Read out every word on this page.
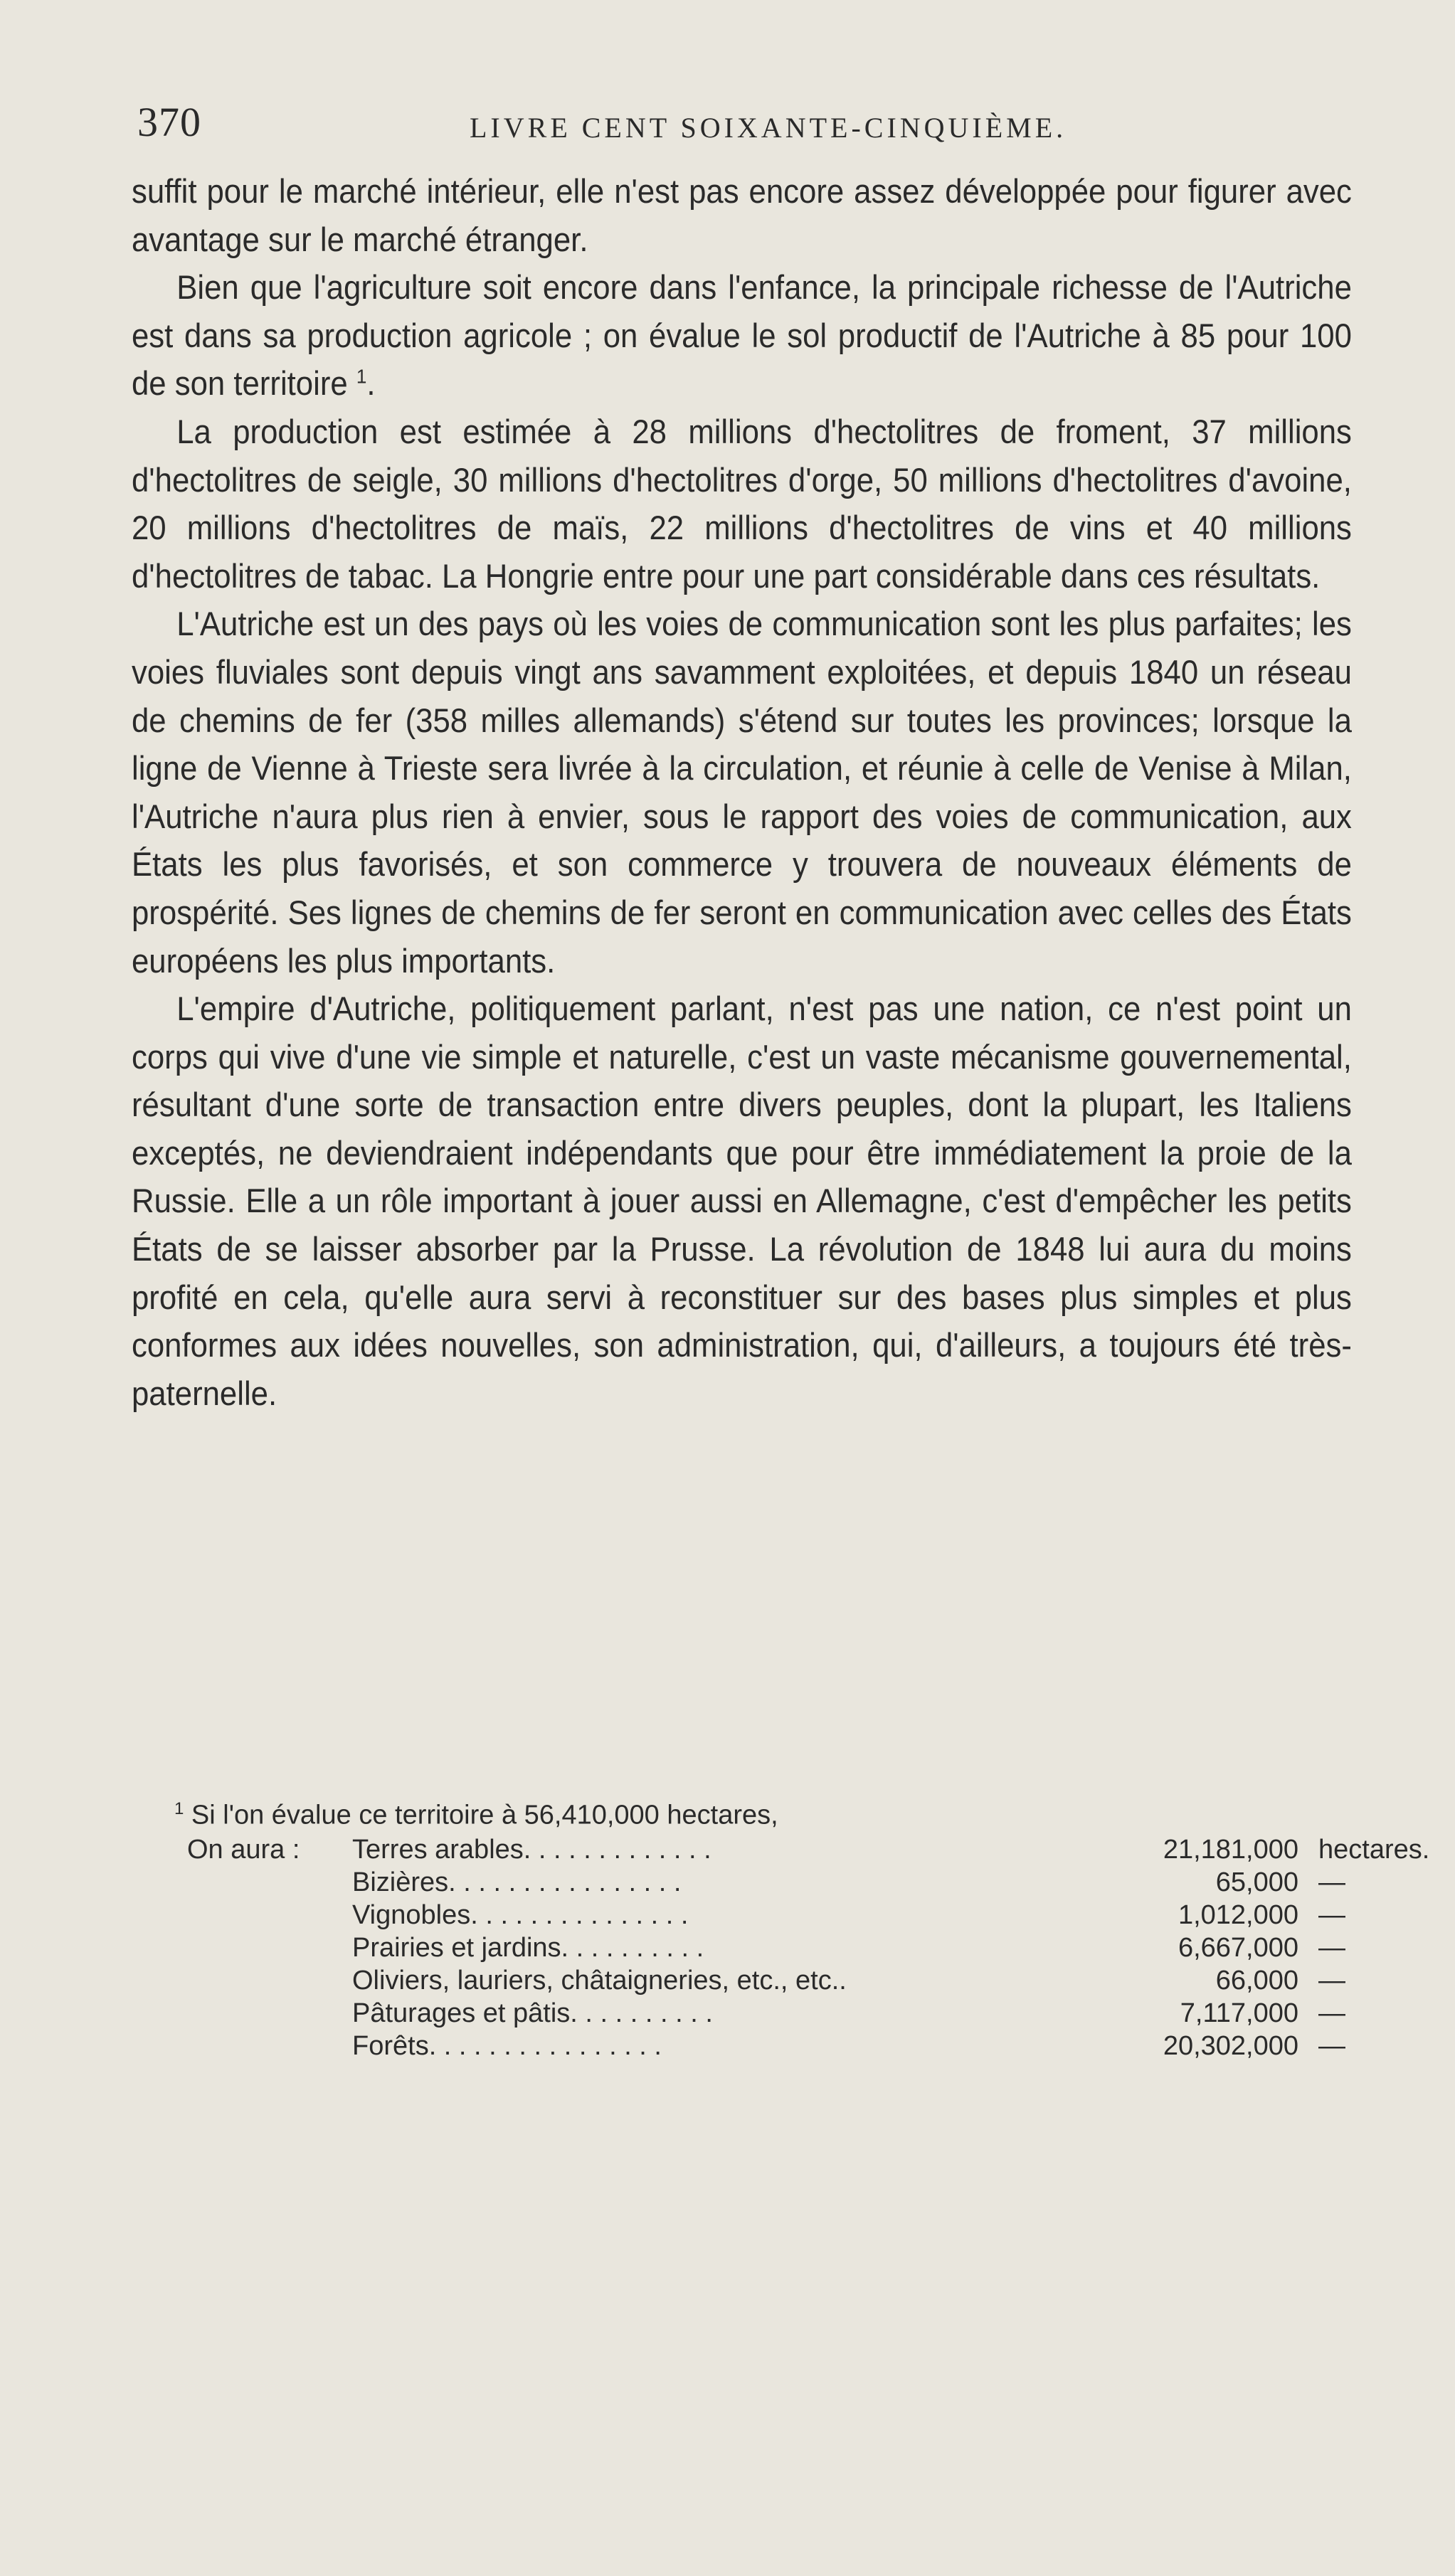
370	LIVRE CENT SOIXANTE-CINQUIÈME.

suffit pour le marché intérieur, elle n'est pas encore assez développée pour figurer avec avantage sur le marché étranger.

Bien que l'agriculture soit encore dans l'enfance, la principale richesse de l'Autriche est dans sa production agricole ; on évalue le sol productif de l'Autriche à 85 pour 100 de son territoire $^1$.

La production est estimée à 28 millions d'hectolitres de froment, 37 millions d'hectolitres de seigle, 30 millions d'hectolitres d'orge, 50 millions d'hectolitres d'avoine, 20 millions d'hectolitres de maïs, 22 millions d'hectolitres de vins et 40 millions d'hectolitres de tabac. La Hongrie entre pour une part considérable dans ces résultats.

L'Autriche est un des pays où les voies de communication sont les plus parfaites; les voies fluviales sont depuis vingt ans savamment exploitées, et depuis 1840 un réseau de chemins de fer (358 milles allemands) s'étend sur toutes les provinces; lorsque la ligne de Vienne à Trieste sera livrée à la circulation, et réunie à celle de Venise à Milan, l'Autriche n'aura plus rien à envier, sous le rapport des voies de communication, aux États les plus favorisés, et son commerce y trouvera de nouveaux éléments de prospérité. Ses lignes de chemins de fer seront en communication avec celles des États européens les plus importants.

L'empire d'Autriche, politiquement parlant, n'est pas une nation, ce n'est point un corps qui vive d'une vie simple et naturelle, c'est un vaste mécanisme gouvernemental, résultant d'une sorte de transaction entre divers peuples, dont la plupart, les Italiens exceptés, ne deviendraient indépendants que pour être immédiatement la proie de la Russie. Elle a un rôle important à jouer aussi en Allemagne, c'est d'empêcher les petits États de se laisser absorber par la Prusse. La révolution de 1848 lui aura du moins profité en cela, qu'elle aura servi à reconstituer sur des bases plus simples et plus conformes aux idées nouvelles, son administration, qui, d'ailleurs, a toujours été très-paternelle.

$^1$ Si l'on évalue ce territoire à 56,410,000 hectares,

On aura :	Terres arables. . . . . . . . . . . . .	21,181,000 hectares.
Bizières. . . . . . . . . . . . . . . .	65,000 —
Vignobles. . . . . . . . . . . . . . .	1,012,000 —
Prairies et jardins. . . . . . . . . .	6,667,000 —
Oliviers, lauriers, châtaigneries, etc., etc..	66,000 —
Pâturages et pâtis. . . . . . . . . .	7,117,000 —
Forêts. . . . . . . . . . . . . . . .	20,302,000 —
